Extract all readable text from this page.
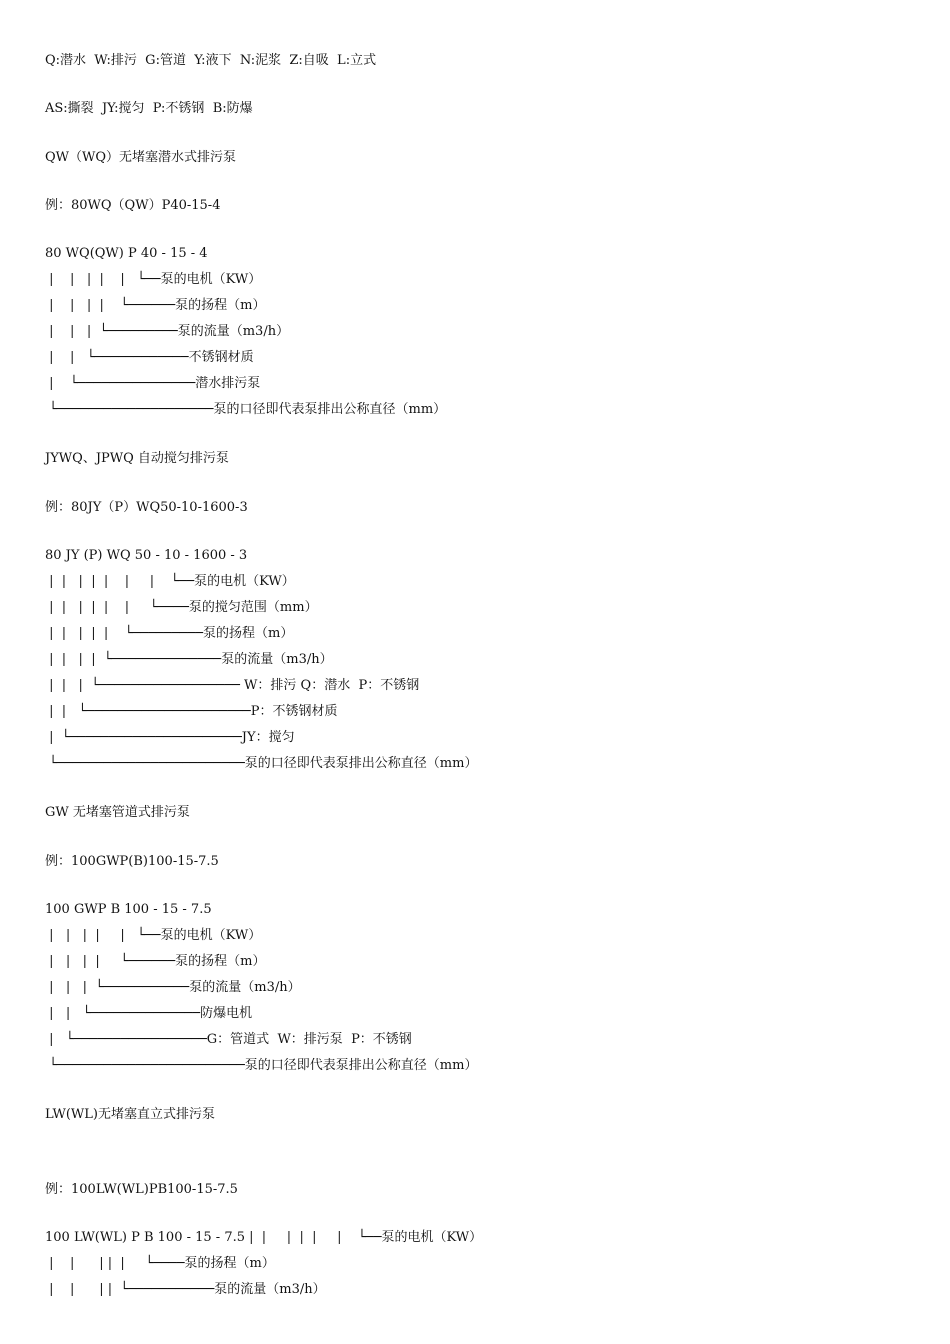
Q:潜水  W:排污  G:管道  Y:液下  N:泥浆  Z:自吸  L:立式

AS:撕裂  JY:搅匀  P:不锈钢  B:防爆

QW（WQ）无堵塞潜水式排污泵

例：80WQ（QW）P40-15-4

80 WQ(QW) P 40 - 15 - 4

|    |   |  |    |   └──泵的电机（KW）

|    |   |  |    └──────泵的扬程（m）

|    |   |  └─────────泵的流量（m3/h）

|    |   └────────────不锈钢材质

|    └───────────────潜水排污泵

└────────────────────泵的口径即代表泵排出公称直径（mm）

JYWQ、JPWQ 自动搅匀排污泵

例：80JY（P）WQ50-10-1600-3

80 JY (P) WQ 50 - 10 - 1600 - 3

|  |   |  |  |    |     |    └──泵的电机（KW）

|  |   |  |  |    |     └────泵的搅匀范围（mm）

|  |   |  |  |    └─────────泵的扬程（m）

|  |   |  |  └──────────────泵的流量（m3/h）

|  |   |  └────────────────── W：排污 Q：潜水  P：不锈钢

|  |   └─────────────────────P：不锈钢材质

|  └──────────────────────JY：搅匀

└────────────────────────泵的口径即代表泵排出公称直径（mm）

GW 无堵塞管道式排污泵

例：100GWP(B)100-15-7.5

100 GWP B 100 - 15 - 7.5

|   |   |  |     |   └──泵的电机（KW）

|   |   |  |     └──────泵的扬程（m）

|   |   |  └───────────泵的流量（m3/h）

|   |   └──────────────防爆电机

|   └─────────────────G：管道式  W：排污泵  P：不锈钢

└────────────────────────泵的口径即代表泵排出公称直径（mm）

LW(WL)无堵塞直立式排污泵

例：100LW(WL)PB100-15-7.5

100 LW(WL) P B 100 - 15 - 7.5 |  |     |  |  |     |    └──泵的电机（KW）

|    |      | |  |     └────泵的扬程（m）

|    |      | |  └───────────泵的流量（m3/h）
